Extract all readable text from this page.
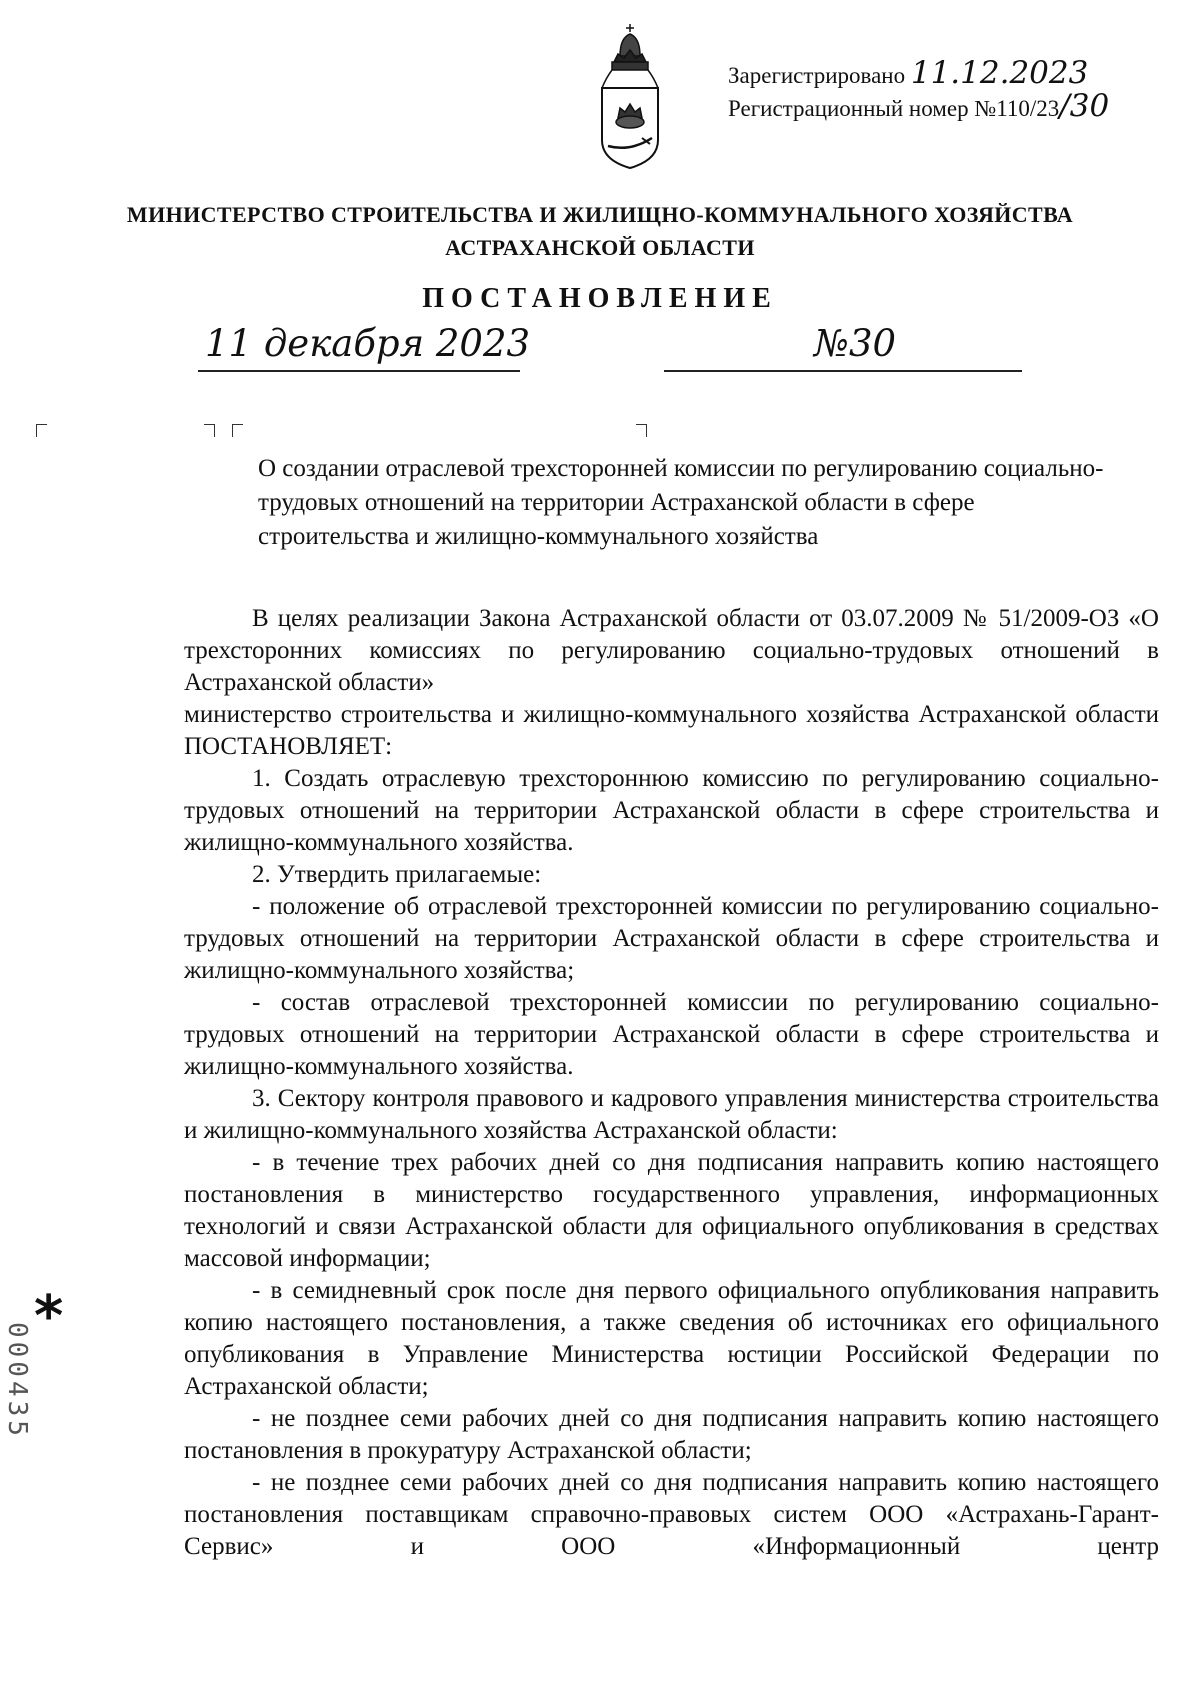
Зарегистрировано 11.12.2023
Регистрационный номер №110/23/30
МИНИСТЕРСТВО СТРОИТЕЛЬСТВА И ЖИЛИЩНО-КОММУНАЛЬНОГО ХОЗЯЙСТВА
АСТРАХАНСКОЙ ОБЛАСТИ
ПОСТАНОВЛЕНИЕ
11 декабря 2023	№30
О создании отраслевой трехсторонней комиссии по регулированию социально-трудовых отношений на территории Астраханской области в сфере строительства и жилищно-коммунального хозяйства

В целях реализации Закона Астраханской области от 03.07.2009 № 51/2009-ОЗ «О трехсторонних комиссиях по регулированию социально-трудовых отношений в Астраханской области»

министерство строительства и жилищно-коммунального хозяйства Астраханской области ПОСТАНОВЛЯЕТ:

1. Создать отраслевую трехстороннюю комиссию по регулированию социально-трудовых отношений на территории Астраханской области в сфере строительства и жилищно-коммунального хозяйства.

2. Утвердить прилагаемые:

- положение об отраслевой трехсторонней комиссии по регулированию социально-трудовых отношений на территории Астраханской области в сфере строительства и жилищно-коммунального хозяйства;

- состав отраслевой трехсторонней комиссии по регулированию социально-трудовых отношений на территории Астраханской области в сфере строительства и жилищно-коммунального хозяйства.

3. Сектору контроля правового и кадрового управления министерства строительства и жилищно-коммунального хозяйства Астраханской области:

- в течение трех рабочих дней со дня подписания направить копию настоящего постановления в министерство государственного управления, информационных технологий и связи Астраханской области для официального опубликования в средствах массовой информации;

- в семидневный срок после дня первого официального опубликования направить копию настоящего постановления, а также сведения об источниках его официального опубликования в Управление Министерства юстиции Российской Федерации по Астраханской области;

- не позднее семи рабочих дней со дня подписания направить копию настоящего постановления в прокуратуру Астраханской области;

- не позднее семи рабочих дней со дня подписания направить копию настоящего постановления поставщикам справочно-правовых систем ООО «Астрахань-Гарант-Сервис» и ООО «Информационный центр

*
000435
